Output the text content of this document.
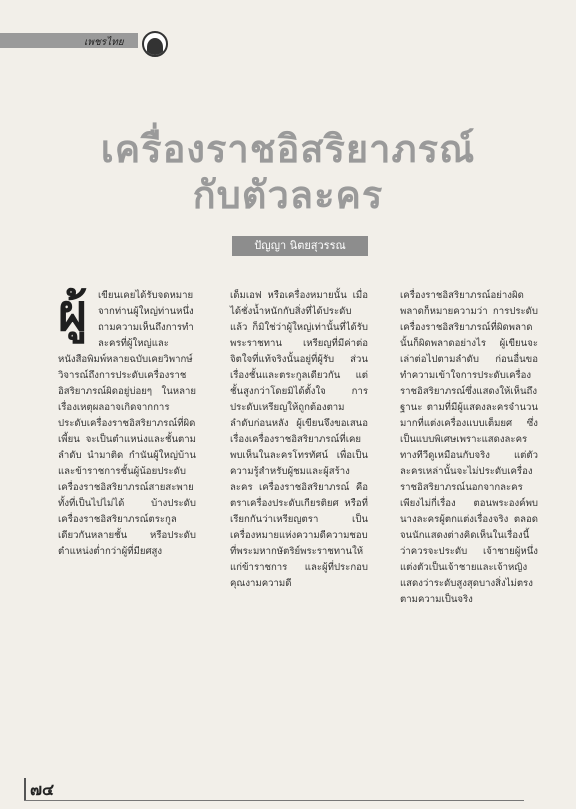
เพชรไทย
เครื่องราชอิสริยาภรณ์
กับตัวละคร
ปัญญา นิตยสุวรรณ
ผู้	เขียนเคยได้รับจดหมายจากท่านผู้ใหญ่ท่านหนึ่งถามความเห็นถึงการทำละครที่ผู้ใหญ่และหนังสือพิมพ์หลายฉบับเคยวิพากษ์วิจารณ์ถึงการประดับเครื่องราชอิสริยาภรณ์ผิดอยู่บ่อยๆ ในหลายเรื่องเหตุผลอาจเกิดจากการประดับเครื่องราชอิสริยาภรณ์ที่ผิดเพี้ยน จะเป็นตำแหน่งและชั้นตามลำดับ นำมาติด กำนันผู้ใหญ่บ้านและข้าราชการชั้นผู้น้อยประดับเครื่องราชอิสริยาภรณ์สายสะพาย ทั้งที่เป็นไปไม่ได้ บ้างประดับเครื่องราชอิสริยาภรณ์ตระกูลเดียวกันหลายชั้น หรือประดับตำแหน่งต่ำกว่าผู้ที่มียศสูง

เด็มเอฟ หรือเครื่องหมายนั้น เมื่อได้ชั่งน้ำหนักกับสิ่งที่ได้ประดับแล้ว ก็มิใช่ว่าผู้ใหญ่เท่านั้นที่ได้รับพระราชทาน เหรียญที่มีค่าต่อจิตใจที่แท้จริงนั้นอยู่ที่ผู้รับ ส่วนเรื่องชั้นและตระกูลเดียวกัน แต่ชั้นสูงกว่าโดยมิได้ตั้งใจ การประดับเหรียญให้ถูกต้องตามลำดับก่อนหลัง ผู้เขียนจึงขอเสนอเรื่องเครื่องราชอิสริยาภรณ์ที่เคยพบเห็นในละครโทรทัศน์ เพื่อเป็นความรู้สำหรับผู้ชมและผู้สร้างละคร เครื่องราชอิสริยาภรณ์ คือ ตราเครื่องประดับเกียรติยศ หรือที่เรียกกันว่าเหรียญตรา เป็นเครื่องหมายแห่งความดีความชอบที่พระมหากษัตริย์พระราชทานให้แก่ข้าราชการ และผู้ที่ประกอบคุณงามความดี

เครื่องราชอิสริยาภรณ์อย่างผิดพลาดก็หมายความว่า การประดับเครื่องราชอิสริยาภรณ์ที่ผิดพลาดนั้นก็ผิดพลาดอย่างไร ผู้เขียนจะเล่าต่อไปตามลำดับ ก่อนอื่นขอทำความเข้าใจการประดับเครื่องราชอิสริยาภรณ์ซึ่งแสดงให้เห็นถึงฐานะ ตามที่มีผู้แสดงละครจำนวนมากที่แต่งเครื่องแบบเต็มยศ ซึ่งเป็นแบบพิเศษเพราะแสดงละครทางทีวีดูเหมือนกับจริง แต่ตัวละครเหล่านั้นจะไม่ประดับเครื่องราชอิสริยาภรณ์นอกจากละครเพียงไม่กี่เรื่อง ตอนพระองค์พบนางละครผู้ตกแต่งเรื่องจริง ตลอดจนนักแสดงต่างคิดเห็นในเรื่องนี้ว่าควรจะประดับ เจ้าชายผู้หนึ่งแต่งตัวเป็นเจ้าชายและเจ้าหญิง แสดงว่าระดับสูงสุดบางสิ่งไม่ตรงตามความเป็นจริง

๗๔
